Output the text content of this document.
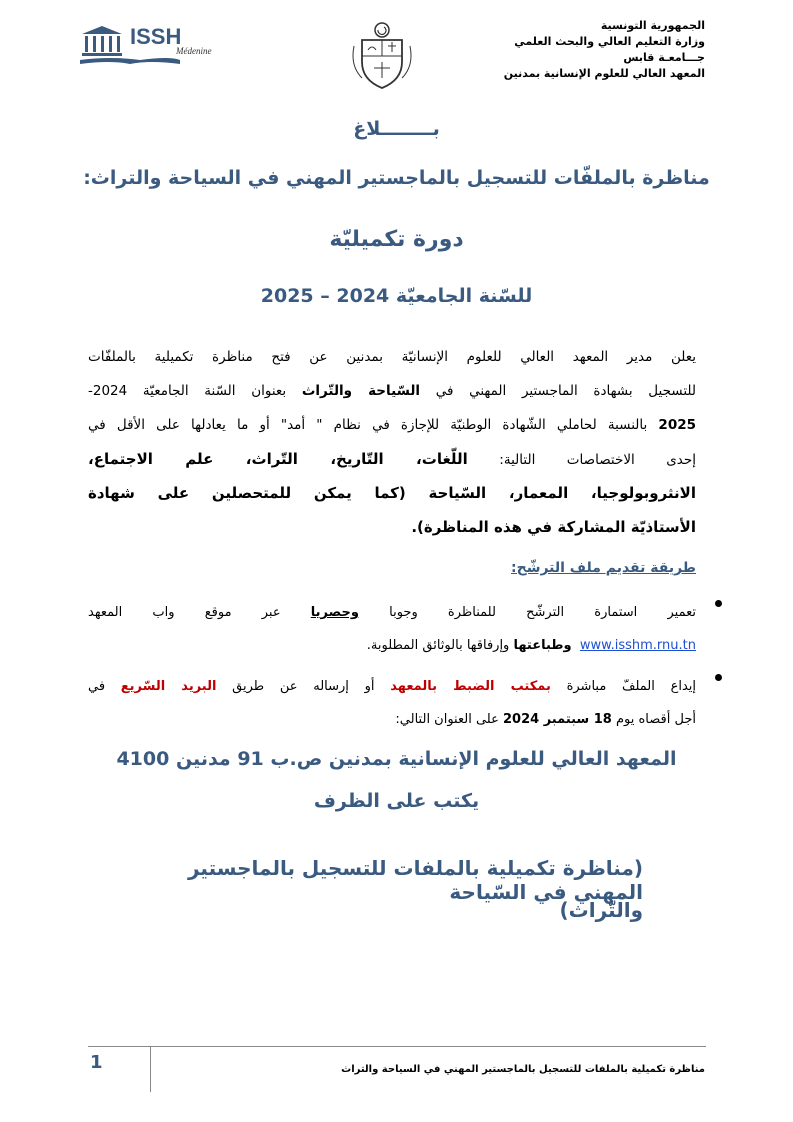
الجمهورية التونسية
وزارة التعليم العالي والبحث العلمي
جـــامعـة قابس
المعهد العالي للعلوم الإنسانية بمدنين
ISSH
Médenine
بــــــــلاغ
مناظرة بالملفّات للتسجيل بالماجستير المهني في السياحة والتراث:
دورة تكميليّة
للسّنة الجامعيّة 2024 – 2025
يعلن مدير المعهد العالي للعلوم الإنسانيّة بمدنين عن فتح مناظرة تكميلية بالملفّات
للتسجيل بشهادة الماجستير المهني في السّياحة والتّراث بعنوان السّنة الجامعيّة 2024-
2025 بالنسبة لحاملي الشّهادة الوطنيّة للإجازة في نظام " أمد" أو ما يعادلها على الأقل في
إحدى الاختصاصات التالية: اللّغات، التّاريخ، التّراث، علم الاجتماع،
الانثروبولوجيا، المعمار، السّياحة (كما يمكن للمتحصلين على شهادة
الأستاذيّة المشاركة في هذه المناظرة).
طريقة تقديم ملف الترشّح:
تعمير استمارة الترشّح للمناظرة وجوبا وحصريا عبر موقع واب المعهد
www.isshm.rnu.tn  وطباعتها وإرفاقها بالوثائق المطلوبة.
إيداع الملفّ مباشرة بمكتب الضبط بالمعهد أو إرساله عن طريق البريد السّريع في
أجل أقصاه يوم 18 سبتمبر 2024 على العنوان التالي:
المعهد العالي للعلوم الإنسانية بمدنين ص.ب 91 مدنين 4100
يكتب على الظرف
(مناظرة تكميلية بالملفات للتسجيل بالماجستير المهني في السّياحة
والتّراث)
1	مناظرة تكميلية بالملفات للتسجيل بالماجستير المهني في السياحة والتراث
